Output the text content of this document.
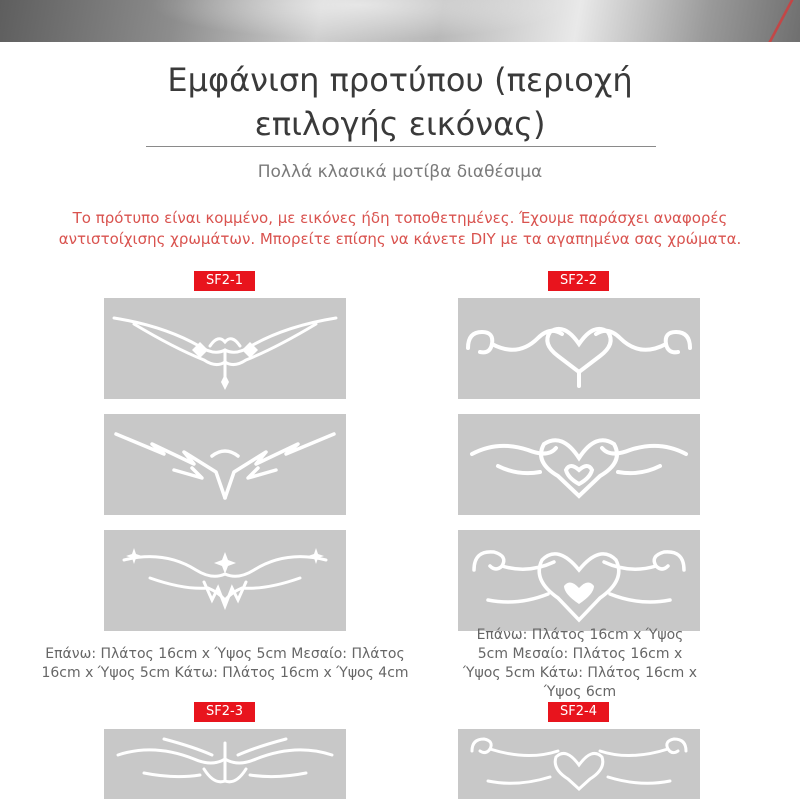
Εμφάνιση προτύπου (περιοχή επιλογής εικόνας)
Πολλά κλασικά μοτίβα διαθέσιμα
Το πρότυπο είναι κομμένο, με εικόνες ήδη τοποθετημένες. Έχουμε παράσχει αναφορές αντιστοίχισης χρωμάτων. Μπορείτε επίσης να κάνετε DIY με τα αγαπημένα σας χρώματα.
SF2-1
Επάνω: Πλάτος 16cm x Ύψος 5cm Μεσαίο: Πλάτος 16cm x Ύψος 5cm Κάτω: Πλάτος 16cm x Ύψος 4cm
SF2-2
Επάνω: Πλάτος 16cm x Ύψος 5cm Μεσαίο: Πλάτος 16cm x Ύψος 5cm Κάτω: Πλάτος 16cm x Ύψος 6cm
SF2-3	SF2-4
